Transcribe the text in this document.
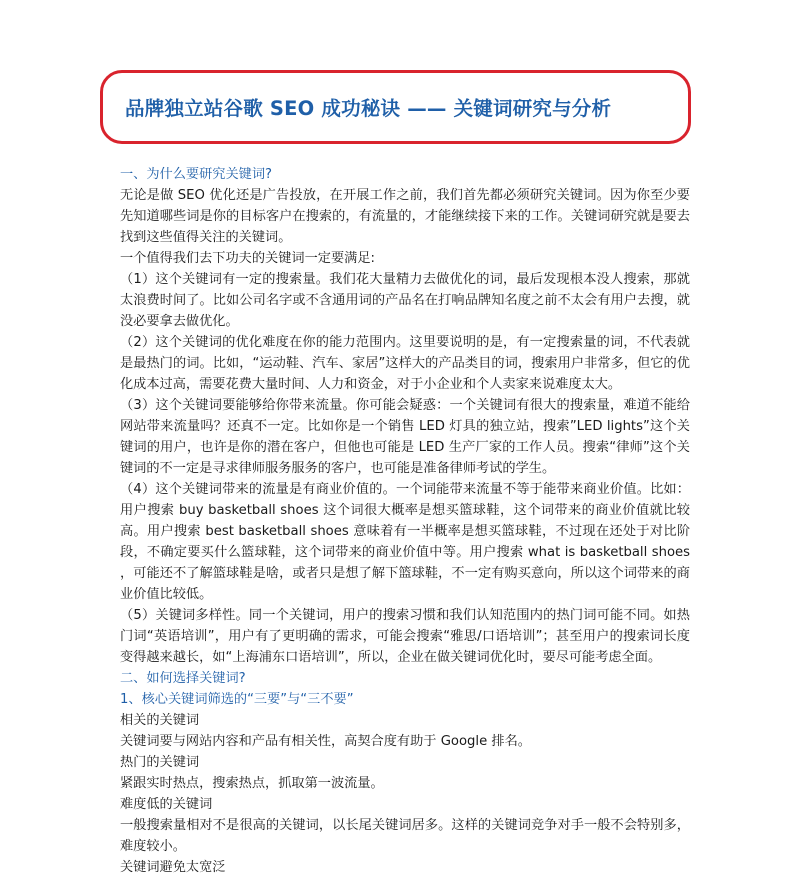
品牌独立站谷歌 SEO 成功秘诀 —— 关键词研究与分析

一、为什么要研究关键词?

无论是做 SEO 优化还是广告投放，在开展工作之前，我们首先都必须研究关键词。因为你至少要先知道哪些词是你的目标客户在搜索的，有流量的，才能继续接下来的工作。关键词研究就是要去找到这些值得关注的关键词。

一个值得我们去下功夫的关键词一定要满足:

（1）这个关键词有一定的搜索量。我们花大量精力去做优化的词，最后发现根本没人搜索，那就太浪费时间了。比如公司名字或不含通用词的产品名在打响品牌知名度之前不太会有用户去搜，就没必要拿去做优化。

（2）这个关键词的优化难度在你的能力范围内。这里要说明的是，有一定搜索量的词，不代表就是最热门的词。比如，“运动鞋、汽车、家居”这样大的产品类目的词，搜索用户非常多，但它的优化成本过高，需要花费大量时间、人力和资金，对于小企业和个人卖家来说难度太大。

（3）这个关键词要能够给你带来流量。你可能会疑惑：一个关键词有很大的搜索量，难道不能给网站带来流量吗？还真不一定。比如你是一个销售 LED 灯具的独立站，搜索”LED lights”这个关键词的用户，也许是你的潜在客户，但他也可能是 LED 生产厂家的工作人员。搜索“律师”这个关键词的不一定是寻求律师服务服务的客户，也可能是准备律师考试的学生。

（4）这个关键词带来的流量是有商业价值的。一个词能带来流量不等于能带来商业价值。比如：用户搜索 buy basketball shoes 这个词很大概率是想买篮球鞋，这个词带来的商业价值就比较高。用户搜索 best basketball shoes 意味着有一半概率是想买篮球鞋，不过现在还处于对比阶段，不确定要买什么篮球鞋，这个词带来的商业价值中等。用户搜索 what is basketball shoes ，可能还不了解篮球鞋是啥，或者只是想了解下篮球鞋，不一定有购买意向，所以这个词带来的商业价值比较低。

（5）关键词多样性。同一个关键词，用户的搜索习惯和我们认知范围内的热门词可能不同。如热门词“英语培训”，用户有了更明确的需求，可能会搜索“雅思/口语培训”；甚至用户的搜索词长度变得越来越长，如“上海浦东口语培训”，所以，企业在做关键词优化时，要尽可能考虑全面。

二、如何选择关键词?

1、核心关键词筛选的“三要”与“三不要”

相关的关键词

关键词要与网站内容和产品有相关性，高契合度有助于 Google 排名。

热门的关键词

紧跟实时热点，搜索热点，抓取第一波流量。

难度低的关键词

一般搜索量相对不是很高的关键词，以长尾关键词居多。这样的关键词竞争对手一般不会特别多，难度较小。

关键词避免太宽泛
